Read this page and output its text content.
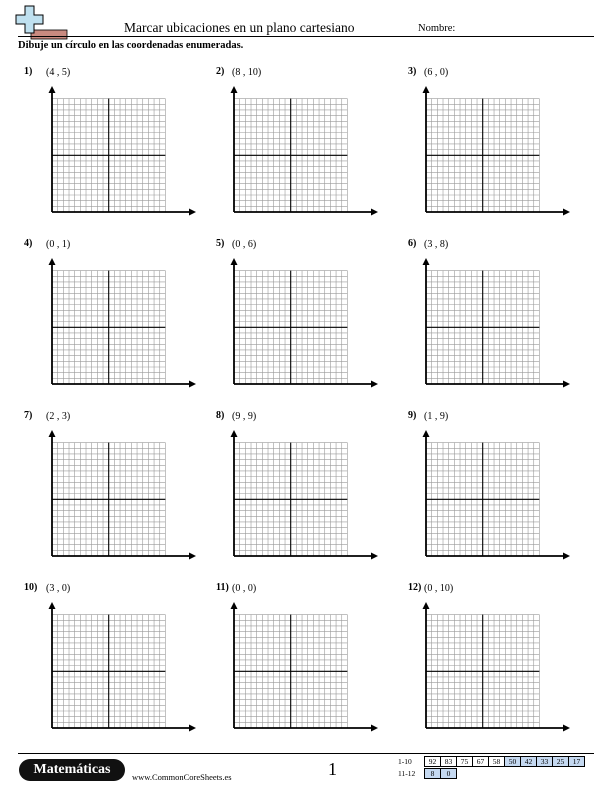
Marcar ubicaciones en un plano cartesiano	Nombre:
Dibuje un círculo en las coordenadas enumeradas.
1) (4 , 5)	2) (8 , 10)	3) (6 , 0)
4) (0 , 1)	5) (0 , 6)	6) (3 , 8)
7) (2 , 3)	8) (9 , 9)	9) (1 , 9)
10) (3 , 0)	11) (0 , 0)	12) (0 , 10)
Matemáticas	www.CommonCoreSheets.es	1	1-10 92	83	75	67	58	50	42	33	25	17
11-12 8	0
